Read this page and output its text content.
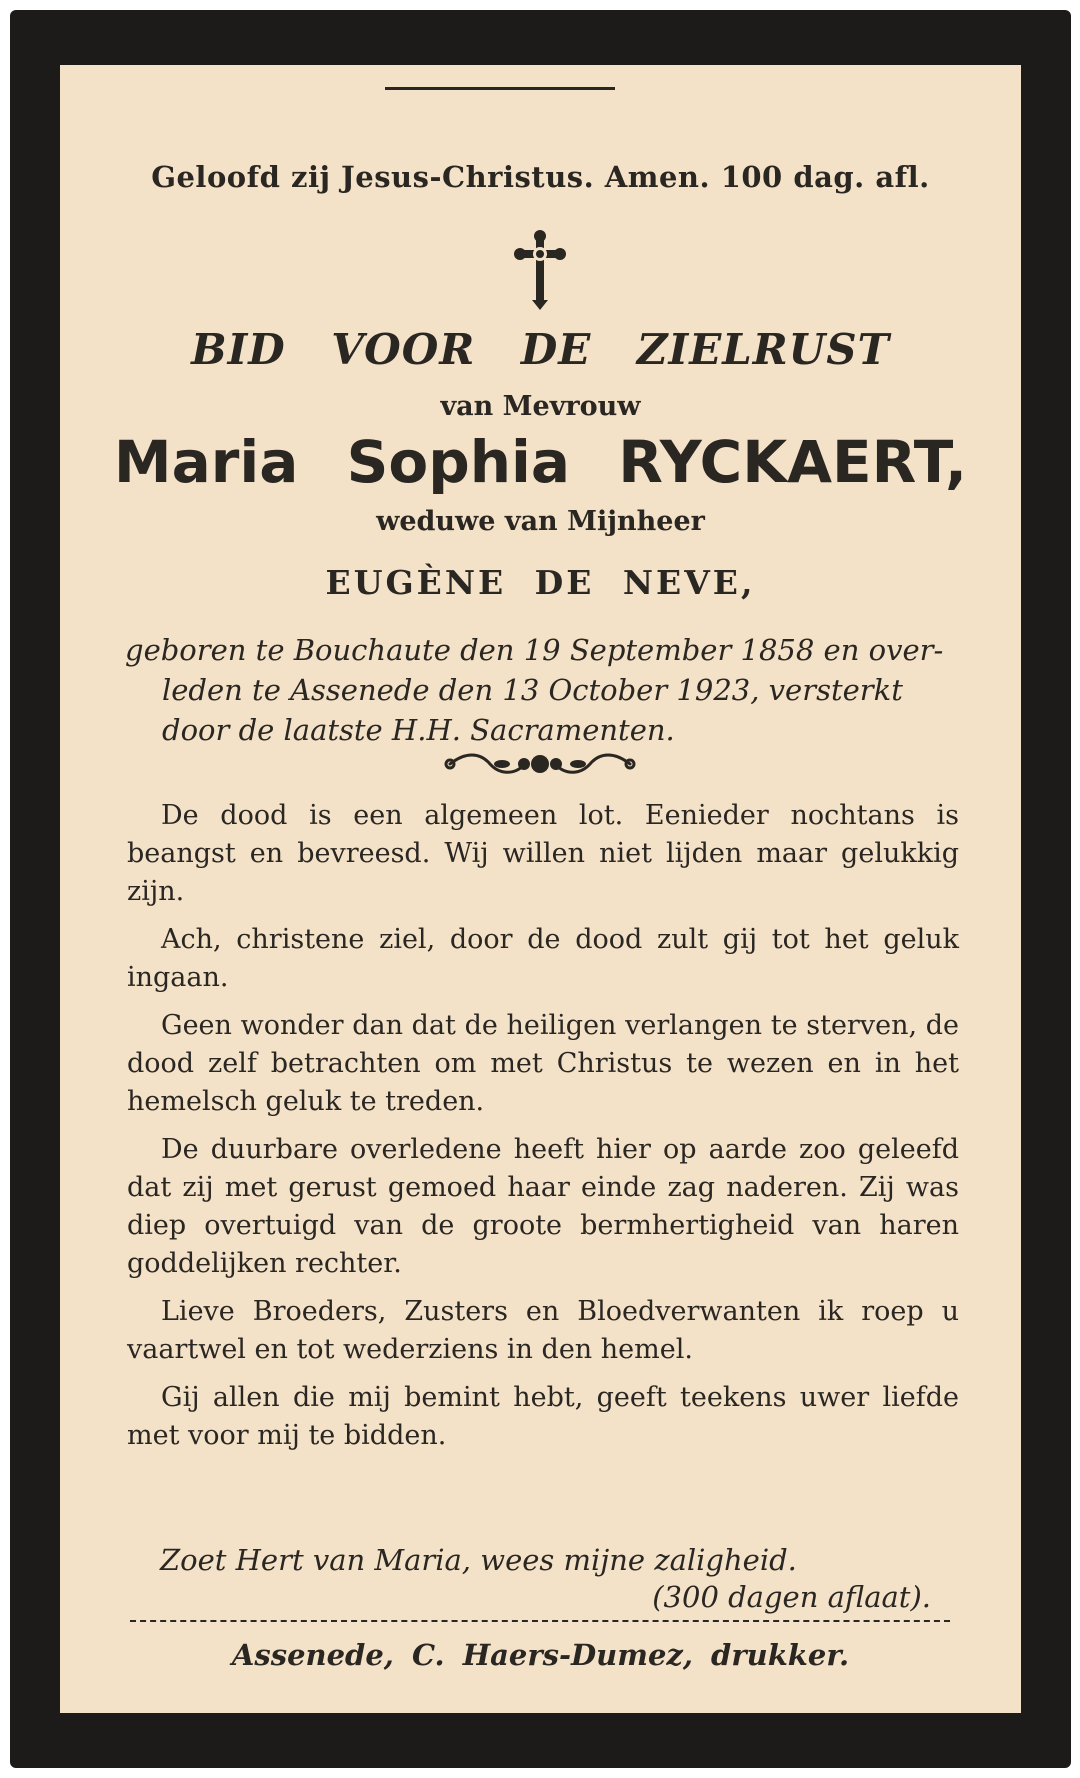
Geloofd zij Jesus-Christus. Amen. 100 dag. afl.
BID VOOR DE ZIELRUST
van Mevrouw
Maria Sophia RYCKAERT,
weduwe van Mijnheer
EUGÈNE DE NEVE,
geboren te Bouchaute den 19 September 1858 en over-
leden te Assenede den 13 October 1923, versterkt
door de laatste H.H. Sacramenten.

De dood is een algemeen lot. Eenieder nochtans is beangst en bevreesd. Wij willen niet lijden maar gelukkig zijn.

Ach, christene ziel, door de dood zult gij tot het geluk ingaan.

Geen wonder dan dat de heiligen verlangen te sterven, de dood zelf betrachten om met Christus te wezen en in het hemelsch geluk te treden.

De duurbare overledene heeft hier op aarde zoo geleefd dat zij met gerust gemoed haar einde zag naderen. Zij was diep overtuigd van de groote bermhertigheid van haren goddelijken rechter.

Lieve Broeders, Zusters en Bloedverwanten ik roep u vaartwel en tot wederziens in den hemel.

Gij allen die mij bemint hebt, geeft teekens uwer liefde met voor mij te bidden.

Zoet Hert van Maria, wees mijne zaligheid.
(300 dagen aflaat).
Assenede, C. Haers-Dumez, drukker.
